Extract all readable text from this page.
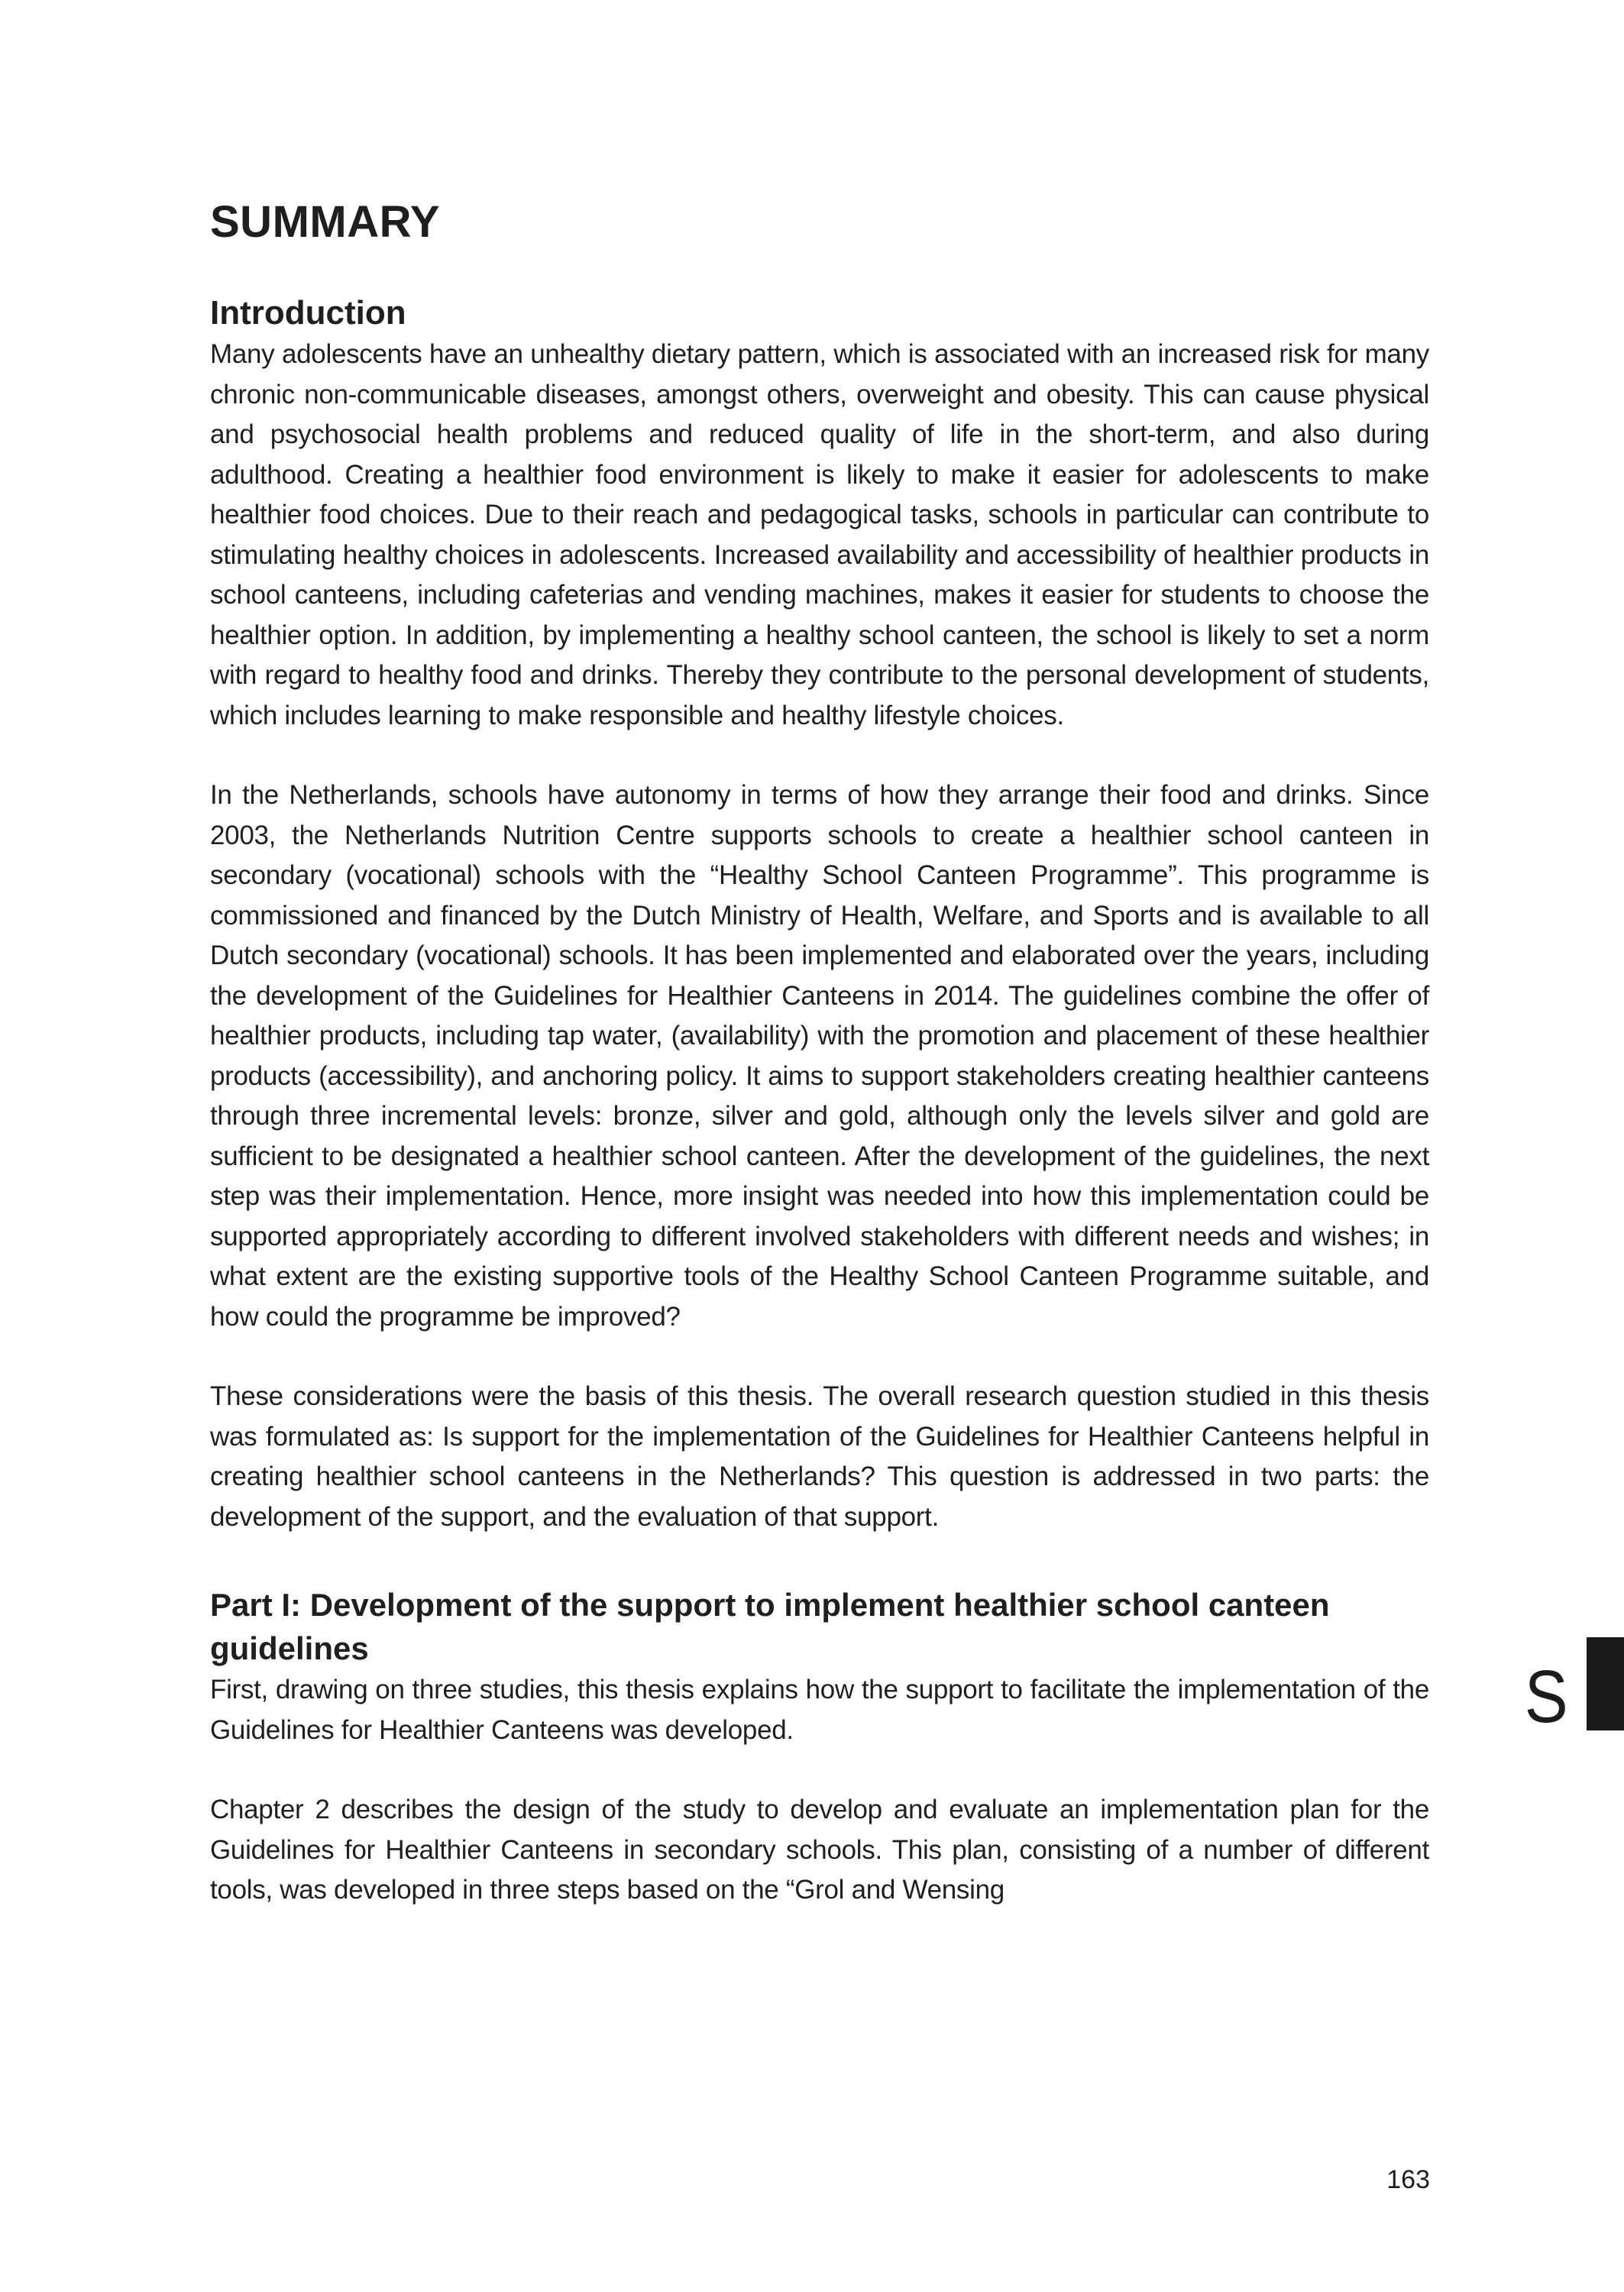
SUMMARY
Introduction

Many adolescents have an unhealthy dietary pattern, which is associated with an increased risk for many chronic non-communicable diseases, amongst others, overweight and obesity. This can cause physical and psychosocial health problems and reduced quality of life in the short-term, and also during adulthood. Creating a healthier food environment is likely to make it easier for adolescents to make healthier food choices. Due to their reach and pedagogical tasks, schools in particular can contribute to stimulating healthy choices in adolescents. Increased availability and accessibility of healthier products in school canteens, including cafeterias and vending machines, makes it easier for students to choose the healthier option. In addition, by implementing a healthy school canteen, the school is likely to set a norm with regard to healthy food and drinks. Thereby they contribute to the personal development of students, which includes learning to make responsible and healthy lifestyle choices.

In the Netherlands, schools have autonomy in terms of how they arrange their food and drinks. Since 2003, the Netherlands Nutrition Centre supports schools to create a healthier school canteen in secondary (vocational) schools with the “Healthy School Canteen Programme”. This programme is commissioned and financed by the Dutch Ministry of Health, Welfare, and Sports and is available to all Dutch secondary (vocational) schools. It has been implemented and elaborated over the years, including the development of the Guidelines for Healthier Canteens in 2014. The guidelines combine the offer of healthier products, including tap water, (availability) with the promotion and placement of these healthier products (accessibility), and anchoring policy. It aims to support stakeholders creating healthier canteens through three incremental levels: bronze, silver and gold, although only the levels silver and gold are sufficient to be designated a healthier school canteen. After the development of the guidelines, the next step was their implementation. Hence, more insight was needed into how this implementation could be supported appropriately according to different involved stakeholders with different needs and wishes; in what extent are the existing supportive tools of the Healthy School Canteen Programme suitable, and how could the programme be improved?

These considerations were the basis of this thesis. The overall research question studied in this thesis was formulated as: Is support for the implementation of the Guidelines for Healthier Canteens helpful in creating healthier school canteens in the Netherlands? This question is addressed in two parts: the development of the support, and the evaluation of that support.

Part I: Development of the support to implement healthier school canteen
guidelines

First, drawing on three studies, this thesis explains how the support to facilitate the implementation of the Guidelines for Healthier Canteens was developed.

Chapter 2 describes the design of the study to develop and evaluate an implementation plan for the Guidelines for Healthier Canteens in secondary schools. This plan, consisting of a number of different tools, was developed in three steps based on the “Grol and Wensing

S
163
